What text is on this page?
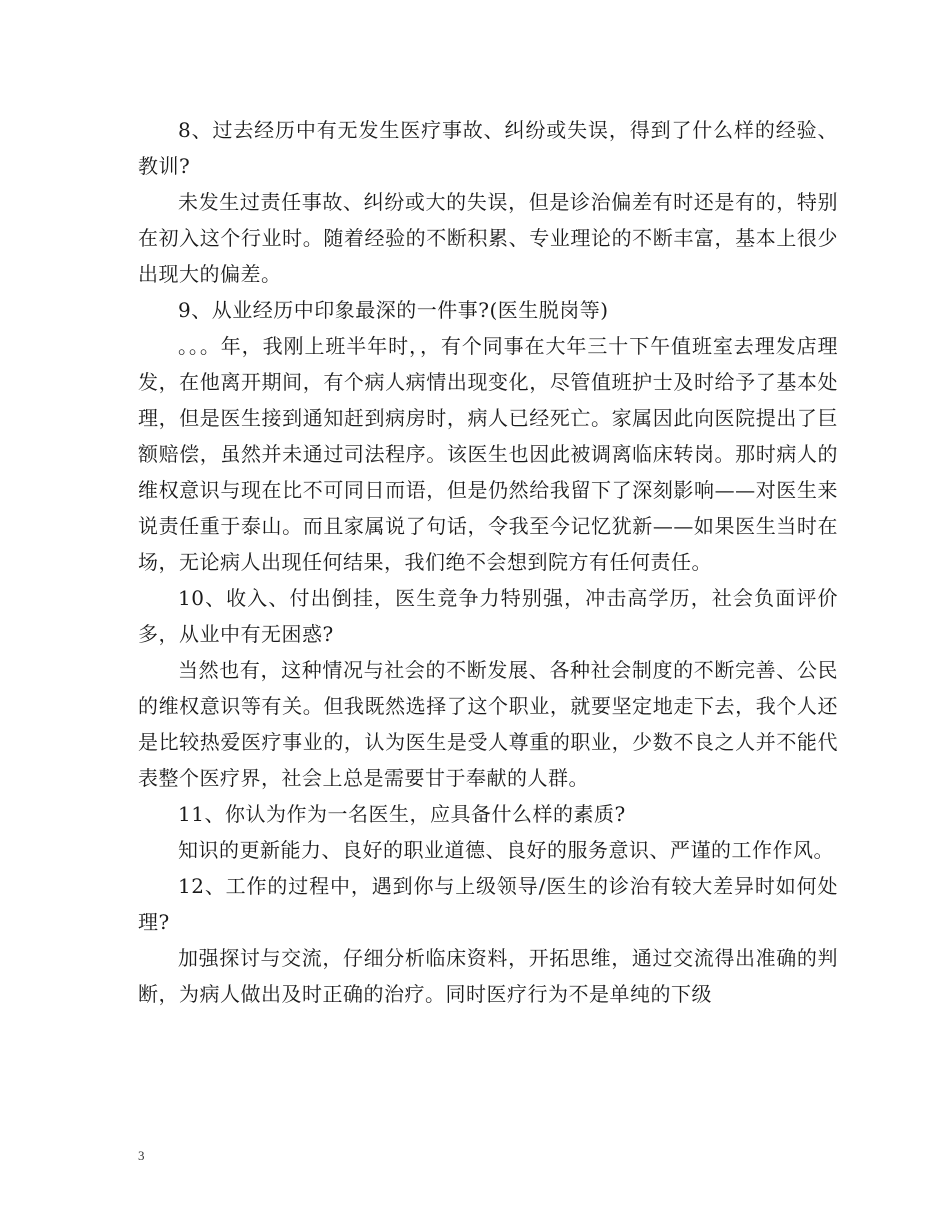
8、过去经历中有无发生医疗事故、纠纷或失误，得到了什么样的经验、教训?

未发生过责任事故、纠纷或大的失误，但是诊治偏差有时还是有的，特别在初入这个行业时。随着经验的不断积累、专业理论的不断丰富，基本上很少出现大的偏差。

9、从业经历中印象最深的一件事?(医生脱岗等)

。。。年，我刚上班半年时，，有个同事在大年三十下午值班室去理发店理发，在他离开期间，有个病人病情出现变化，尽管值班护士及时给予了基本处理，但是医生接到通知赶到病房时，病人已经死亡。家属因此向医院提出了巨额赔偿，虽然并未通过司法程序。该医生也因此被调离临床转岗。那时病人的维权意识与现在比不可同日而语，但是仍然给我留下了深刻影响——对医生来说责任重于泰山。而且家属说了句话，令我至今记忆犹新——如果医生当时在场，无论病人出现任何结果，我们绝不会想到院方有任何责任。

10、收入、付出倒挂，医生竞争力特别强，冲击高学历，社会负面评价多，从业中有无困惑?

当然也有，这种情况与社会的不断发展、各种社会制度的不断完善、公民的维权意识等有关。但我既然选择了这个职业，就要坚定地走下去，我个人还是比较热爱医疗事业的，认为医生是受人尊重的职业，少数不良之人并不能代表整个医疗界，社会上总是需要甘于奉献的人群。

11、你认为作为一名医生，应具备什么样的素质?

知识的更新能力、良好的职业道德、良好的服务意识、严谨的工作作风。

12、工作的过程中，遇到你与上级领导/医生的诊治有较大差异时如何处理?

加强探讨与交流，仔细分析临床资料，开拓思维，通过交流得出准确的判断，为病人做出及时正确的治疗。同时医疗行为不是单纯的下级

3
